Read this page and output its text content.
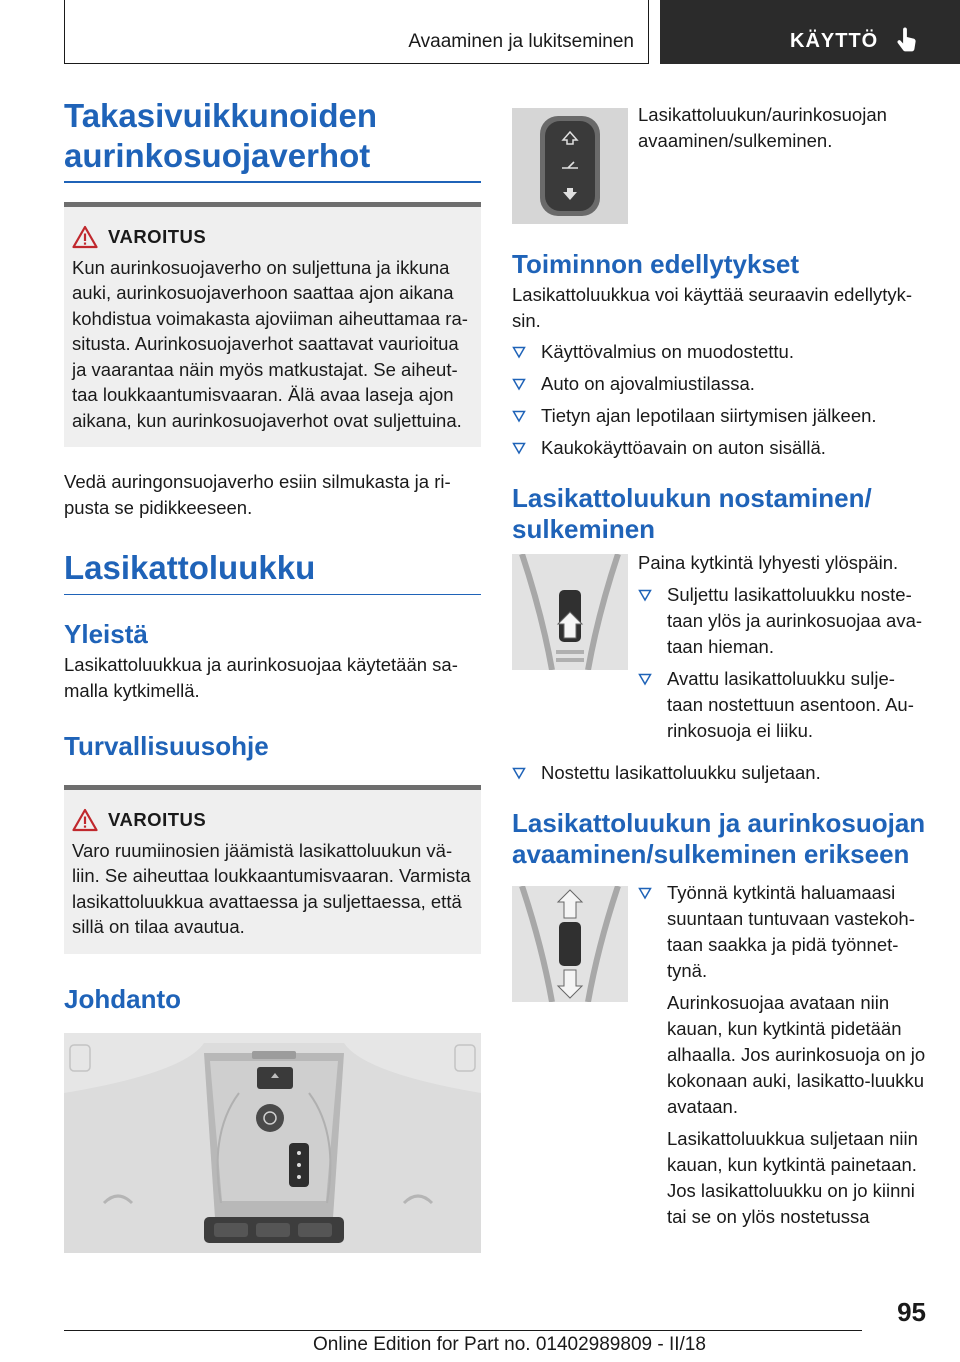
Avaaminen ja lukitseminen	KÄYTTÖ
Takasivuikkunoiden aurinkosuojaverhot
VAROITUS
Kun aurinkosuojaverho on suljettuna ja ikkuna auki, aurinkosuojaverhoon saattaa ajon aikana kohdistua voimakasta ajoviiman aiheuttamaa ra-situsta. Aurinkosuojaverhot saattavat vaurioitua ja vaarantaa näin myös matkustajat. Se aiheut-taa loukkaantumisvaaran. Älä avaa laseja ajon aikana, kun aurinkosuojaverhot ovat suljettuina.

Vedä auringonsuojaverho esiin silmukasta ja ri-pusta se pidikkeeseen.

Lasikattoluukku
Yleistä

Lasikattoluukkua ja aurinkosuojaa käytetään sa-malla kytkimellä.

Turvallisuusohje
VAROITUS
Varo ruumiinosien jäämistä lasikattoluukun vä-liin. Se aiheuttaa loukkaantumisvaaran. Varmista lasikattoluukkua avattaessa ja suljettaessa, että sillä on tilaa avautua.
Johdanto
Lasikattoluukun/aurinkosuojan avaaminen/sulkeminen.
Toiminnon edellytykset

Lasikattoluukkua voi käyttää seuraavin edellytyk-sin.

Käyttövalmius on muodostettu.
Auto on ajovalmiustilassa.
Tietyn ajan lepotilaan siirtymisen jälkeen.
Kaukokäyttöavain on auton sisällä.
Lasikattoluukun nostaminen/ sulkeminen

Paina kytkintä lyhyesti ylöspäin.

Suljettu lasikattoluukku noste-taan ylös ja aurinkosuojaa ava-taan hieman.
Avattu lasikattoluukku sulje-taan nostettuun asentoon. Au-rinkosuoja ei liiku.
Nostettu lasikattoluukku suljetaan.
Lasikattoluukun ja aurinkosuojan avaaminen/sulkeminen erikseen
Työnnä kytkintä haluamaasi suuntaan tuntuvaan vastekoh-taan saakka ja pidä työnnet-tynä.

Aurinkosuojaa avataan niin kauan, kun kytkintä pidetään alhaalla. Jos aurinkosuoja on jo kokonaan auki, lasikatto-luukku avataan.

Lasikattoluukkua suljetaan niin kauan, kun kytkintä painetaan. Jos lasikattoluukku on jo kiinni tai se on ylös nostetussa

95
Online Edition for Part no. 01402989809 - II/18
